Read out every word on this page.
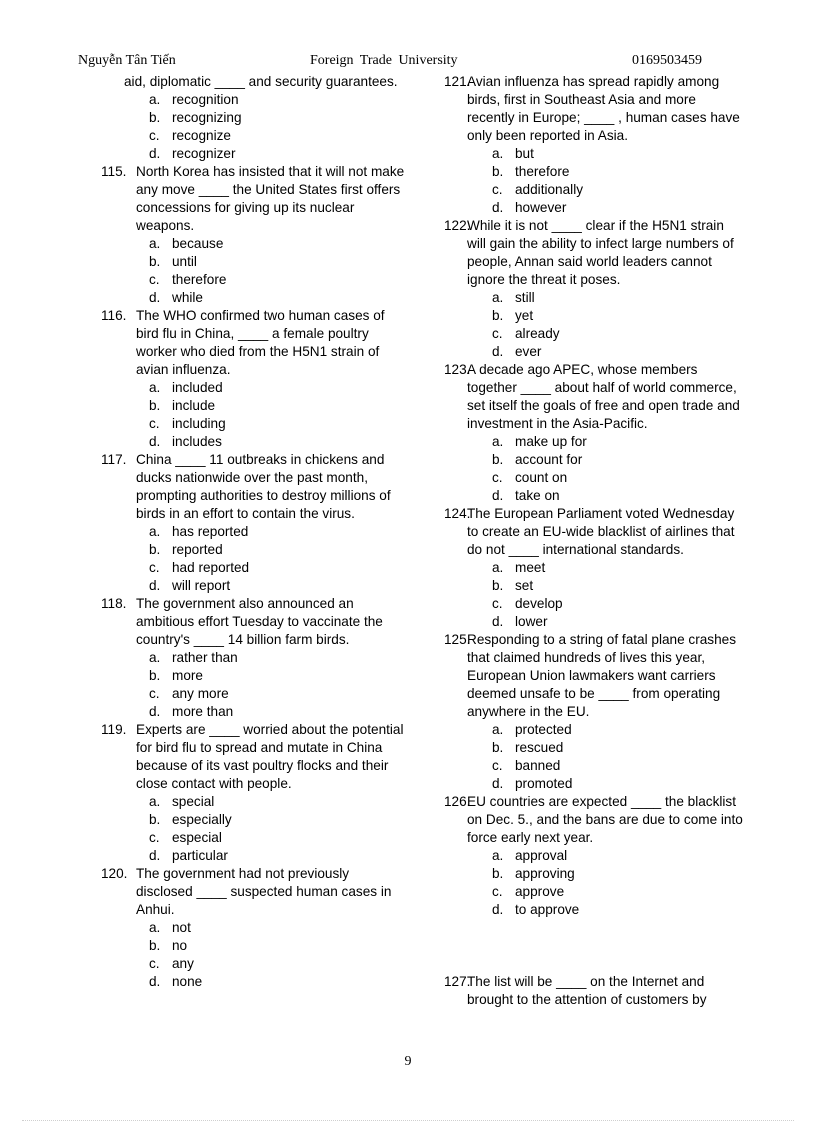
Nguyễn Tân Tiến	Foreign Trade University	0169503459
aid, diplomatic ____ and security guarantees.
a. recognition
b. recognizing
c. recognize
d. recognizer
115. North Korea has insisted that it will not make any move ____ the United States first offers concessions for giving up its nuclear weapons.
a. because
b. until
c. therefore
d. while
116. The WHO confirmed two human cases of bird flu in China, ____ a female poultry worker who died from the H5N1 strain of avian influenza.
a. included
b. include
c. including
d. includes
117. China ____ 11 outbreaks in chickens and ducks nationwide over the past month, prompting authorities to destroy millions of birds in an effort to contain the virus.
a. has reported
b. reported
c. had reported
d. will report
118. The government also announced an ambitious effort Tuesday to vaccinate the country's ____ 14 billion farm birds.
a. rather than
b. more
c. any more
d. more than
119. Experts are ____ worried about the potential for bird flu to spread and mutate in China because of its vast poultry flocks and their close contact with people.
a. special
b. especially
c. especial
d. particular
120. The government had not previously disclosed ____ suspected human cases in Anhui.
a. not
b. no
c. any
d. none
121.
Avian influenza has spread rapidly among birds, first in Southeast Asia and more recently in Europe; ____ , human cases have only been reported in Asia.
a. but
b. therefore
c. additionally
d. however
122.
While it is not ____ clear if the H5N1 strain will gain the ability to infect large numbers of people, Annan said world leaders cannot ignore the threat it poses.
a. still
b. yet
c. already
d. ever
123.
A decade ago APEC, whose members together ____ about half of world commerce, set itself the goals of free and open trade and investment in the Asia-Pacific.
a. make up for
b. account for
c. count on
d. take on
124.
The European Parliament voted Wednesday to create an EU-wide blacklist of airlines that do not ____ international standards.
a. meet
b. set
c. develop
d. lower
125.
Responding to a string of fatal plane crashes that claimed hundreds of lives this year, European Union lawmakers want carriers deemed unsafe to be ____ from operating anywhere in the EU.
a. protected
b. rescued
c. banned
d. promoted
126.
EU countries are expected ____ the blacklist on Dec. 5., and the bans are due to come into force early next year.
a. approval
b. approving
c. approve
d. to approve
127.
The list will be ____ on the Internet and brought to the attention of customers by
9
